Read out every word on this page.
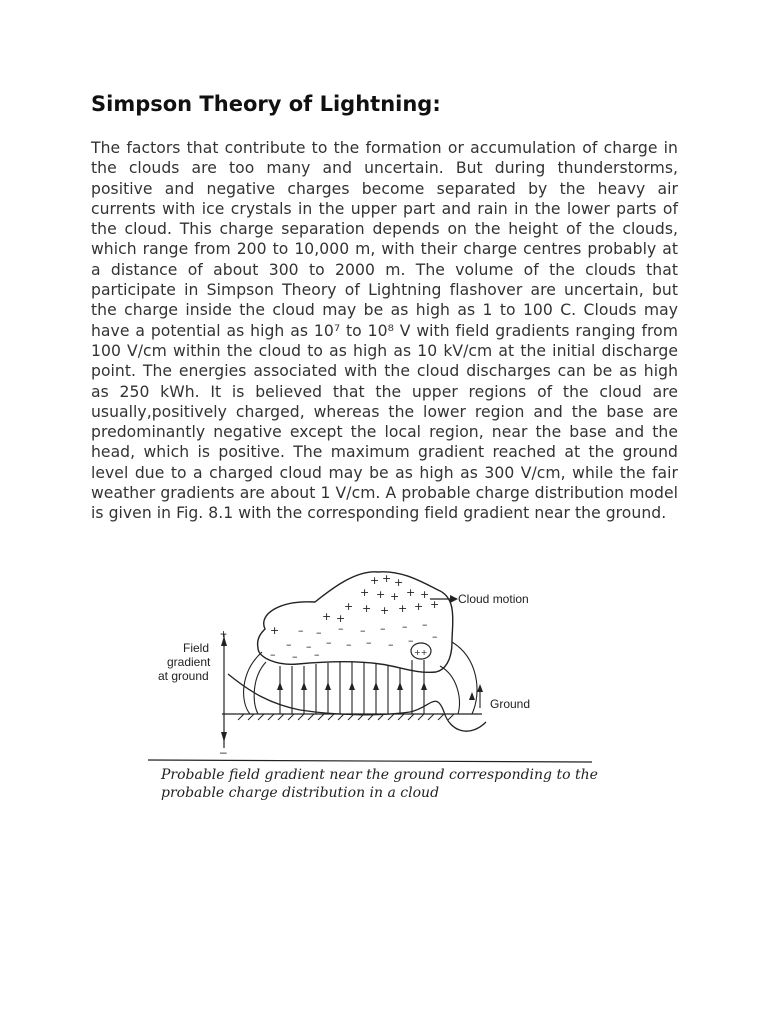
Simpson Theory of Lightning:

The factors that contribute to the formation or accumulation of charge in the clouds are too many and uncertain. But during thunderstorms, positive and negative charges become separated by the heavy air currents with ice crystals in the upper part and rain in the lower parts of the cloud. This charge separation depends on the height of the clouds, which range from 200 to 10,000 m, with their charge centres probably at a distance of about 300 to 2000 m. The volume of the clouds that participate in Simpson Theory of Lightning flashover are uncertain, but the charge inside the cloud may be as high as 1 to 100 C. Clouds may have a potential as high as 10⁷ to 10⁸ V with field gradients ranging from 100 V/cm within the cloud to as high as 10 kV/cm at the initial discharge point. The energies associated with the cloud discharges can be as high as 250 kWh. It is believed that the upper regions of the cloud are usually,positively charged, whereas the lower region and the base are predominantly negative except the local region, near the base and the head, which is positive. The maximum gradient reached at the ground level due to a charged cloud may be as high as 300 V/cm, while the fair weather gradients are about 1 V/cm. A probable charge distribution model is given in Fig. 8.1 with the corresponding field gradient near the ground.

+ + +
+ + + + +
+ + + + + +
+ +
+ – – – – – – –
– – – – – – – –
– – –	++
+
–
Field
gradient
at ground
Cloud motion
Ground

Probable field gradient near the ground corresponding to the

probable charge distribution in a cloud
